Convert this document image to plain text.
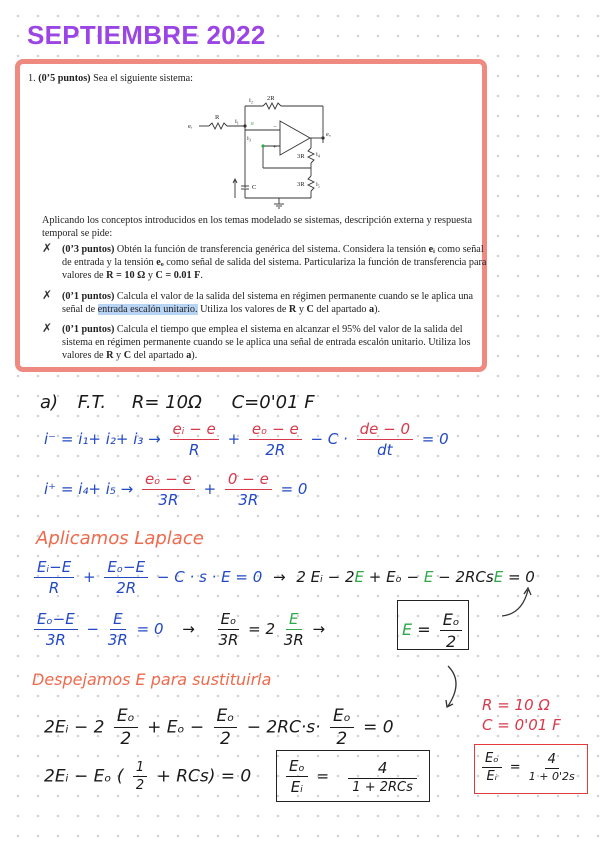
SEPTIEMBRE 2022
1. (0’5 puntos) Sea el siguiente sistema:
2R
R
eᵢ
i₂
i₁
i₃
e
−
+
eₒ
3R
3R
i₄
i₅
C
Aplicando los conceptos introducidos en los temas modelado se sistemas, descripción externa y respuesta temporal se pide:
✗ (0’3 puntos) Obtén la función de transferencia genérica del sistema. Considera la tensión eᵢ como señal de entrada y la tensión eₒ como señal de salida del sistema. Particulariza la función de transferencia para valores de R = 10 Ω y C = 0.01 F.
✗ (0’1 puntos) Calcula el valor de la salida del sistema en régimen permanente cuando se le aplica una señal de entrada escalón unitario. Utiliza los valores de R y C del apartado a).
✗ (0’1 puntos) Calcula el tiempo que emplea el sistema en alcanzar el 95% del valor de la salida del sistema en régimen permanente cuando se le aplica una señal de entrada escalón unitario. Utiliza los valores de R y C del apartado a).
a) F.T. R= 10Ω C=0'01 F
$i^- = i_1+ i_2+ i_3 \to \frac{\text{eᵢ − e}}{R} + \frac{\text{eₒ − e}}{2R} - C \cdot \frac{de - 0}{dt} = 0$
$i^+ = i_4+ i_5 \to \frac{\text{eₒ − e}}{3R} + \frac{0 - e}{3R} = 0$
Aplicamos Laplace
$\frac{\text{Eᵢ−E}}{R} + \frac{\text{Eₒ−E}}{2R} - C \cdot s \cdot E = 0 \to 2$ Eᵢ − 2E + Eₒ − E − 2RCsE = 0
$\frac{\text{Eₒ−E}}{3R} - \frac{E}{3R} = 0 \to \frac{\text{Eₒ}}{3R} = 2 \frac{E}{3R}$ →	$E = \frac{\text{Eₒ}}{2}$
Despejamos E para sustituirla
2Eᵢ − $2 \frac{\text{Eₒ}}{2} + E_o - \frac{\text{Eₒ}}{2} - 2RC\cdot s\cdot \frac{\text{Eₒ}}{2} = 0$
R = 10 Ω
C = 0'01 F
2Eᵢ − Eₒ ( $\frac{1}{2} + RCs) = 0 \frac{\text{Eₒ}}{\text{Eᵢ}} = \frac{4}{\text{1 + 2RCs}}$	$\frac{\text{Eₒ}}{\text{Eᵢ}} = \frac{4}{1 + 0'2s}$
